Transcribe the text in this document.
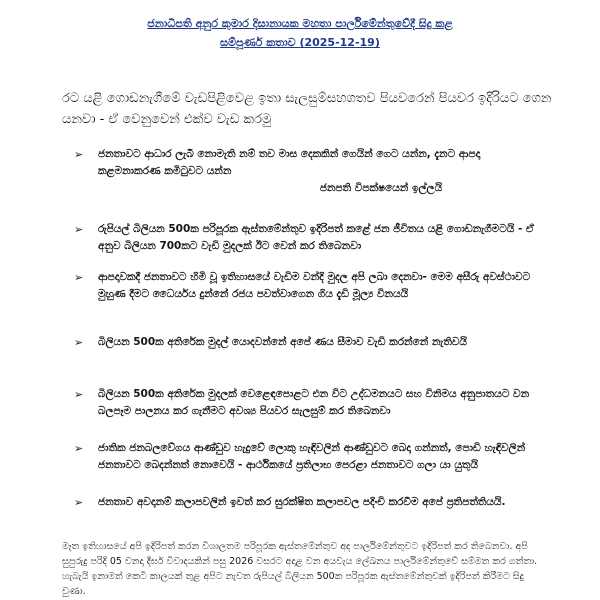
ජනාධිපති අනුර කුමාර දිසානායක මහතා පාර්ලිමේන්තුවේදී සිදු කළ
සම්පූර්ණ කතාව (2025-12-19)
රට යළි ගොඩනැගීමේ වැඩපිළිවෙළ ඉතා සැලසුම්සහගතව පියවරෙන් පියවර ඉදිරියට ගෙන යනවා - ඒ වෙනුවෙන් එක්ව වැඩ කරමු
➢ ජනතාවට ආධාර ලැබී නොමැති නම් තව මාස දෙකකින් ගෙයින් ගෙට යන්න, දැනට ආපදා කළමනාකරණ කමිටුවට යන්න
ජනපති විපක්ෂයෙන් ඉල්ලයි
➢ රුපියල් බිලියන 500ක පරිපූරක ඇස්තමේන්තුව ඉදිරිපත් කළේ ජන ජීවිතය යළි ගොඩනැගීමටයි - ඒ අනුව බිලියන 700කට වැඩි මුදලක් ඊට වෙන් කර තිබෙනවා
➢ ආපදාවකදී ජනතාවට හිමි වූ ඉතිහාසයේ වැඩිම වන්දි මුදල අපි ලබා දෙනවා- මෙම අසීරු අවස්ථාවට මුහුණ දීමට ධෛර්යය දුන්නේ රජය පවත්වාගෙන ගිය දැඩි මූල්‍ය විනයයි
➢ බිලියන 500ක අතිරේක මුදල් යොදවන්නේ අපේ ණය සීමාව වැඩි කරන්නේ නැතිවයි
➢ බිලියන 500ක අතිරේක මුදලක් වෙළෙඳපොළට එන විට උද්ධමනයට සහ විනිමය අනුපාතයට වන බලපෑම පාලනය කර ගැනීමට අවශ්‍ය පියවර සැලසුම් කර තිබෙනවා
➢ ජාතික ජනබලවේගය ආණ්ඩුව හැදුවේ ලොකු හැඳිවලින් ආණ්ඩුවට බෙදා ගන්නත්, පොඩි හැඳිවලින් ජනතාවට බෙදන්නත් නොවෙයි - ආර්ථිකයේ ප්‍රතිලාභ පෙරළා ජනතාවට ගලා යා යුතුයි
➢ ජනතාව අවදානම් කලාපවලින් ඉවත් කර සුරක්ෂිත කලාපවල පදිංචි කරවීම අපේ ප්‍රතිපත්තියයි.
මෑත ඉතිහාසයේ අපි ඉදිරිපත් කරන විශාලතම පරිපූරක ඇස්තමේන්තුව අද පාර්ලිමේන්තුවට ඉදිරිපත් කර තිබෙනවා. අපි සුපුරුදු පරිදි 05 වනදා දීර්ඝ විවාදයකින් පසු 2026 වසරට අදාළ වන අයවැය ලේඛනය පාර්ලිමේන්තුවේ සම්මත කර ගත්තා. හැබැයි ඉනාමත් කෙටි කාලයක් තුළ අපිට නැවත රුපියල් බිලියන 500ක පරිපූරක ඇස්තමේන්තුවක් ඉදිරිපත් කිරීමට සිදු වුණා.
